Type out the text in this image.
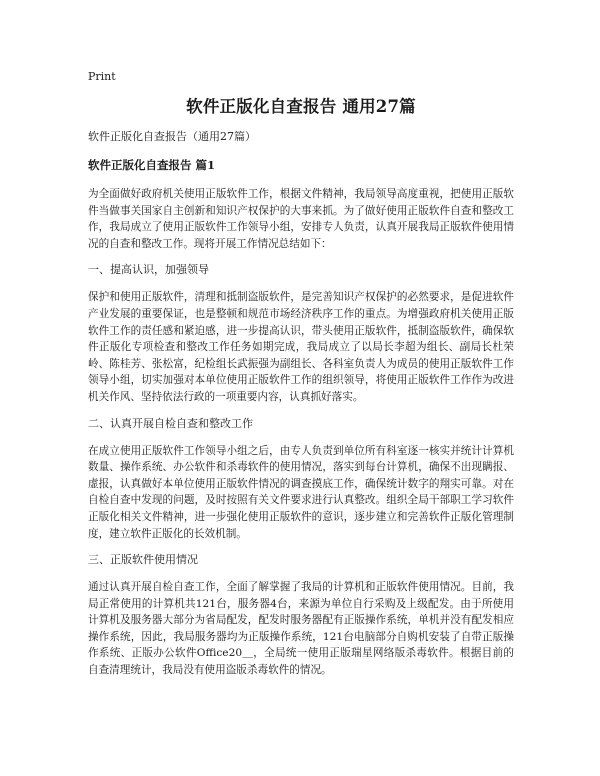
Print
软件正版化自查报告 通用27篇
软件正版化自查报告（通用27篇）
软件正版化自查报告 篇1

为全面做好政府机关使用正版软件工作，根据文件精神，我局领导高度重视，把使用正版软件当做事关国家自主创新和知识产权保护的大事来抓。为了做好使用正版软件自查和整改工作，我局成立了使用正版软件工作领导小组，安排专人负责，认真开展我局正版软件使用情况的自查和整改工作。现将开展工作情况总结如下：

一、提高认识，加强领导

保护和使用正版软件，清理和抵制盗版软件，是完善知识产权保护的必然要求，是促进软件产业发展的重要保证，也是整顿和规范市场经济秩序工作的重点。为增强政府机关使用正版软件工作的责任感和紧迫感，进一步提高认识，带头使用正版软件，抵制盗版软件，确保软件正版化专项检查和整改工作任务如期完成，我局成立了以局长李超为组长、副局长杜荣岭、陈桂芳、张松富，纪检组长武振强为副组长、各科室负责人为成员的使用正版软件工作领导小组，切实加强对本单位使用正版软件工作的组织领导，将使用正版软件工作作为改进机关作风、坚持依法行政的一项重要内容，认真抓好落实。

二、认真开展自检自查和整改工作

在成立使用正版软件工作领导小组之后，由专人负责到单位所有科室逐一核实并统计计算机数量、操作系统、办公软件和杀毒软件的使用情况，落实到每台计算机，确保不出现瞒报、虚报，认真做好本单位使用正版软件情况的调查摸底工作，确保统计数字的翔实可靠。对在自检自查中发现的问题，及时按照有关文件要求进行认真整改。组织全局干部职工学习软件正版化相关文件精神，进一步强化使用正版软件的意识，逐步建立和完善软件正版化管理制度，建立软件正版化的长效机制。

三、正版软件使用情况

通过认真开展自检自查工作，全面了解掌握了我局的计算机和正版软件使用情况。目前，我局正常使用的计算机共121台，服务器4台，来源为单位自行采购及上级配发。由于所使用计算机及服务器大部分为省局配发，配发时服务器配有正版操作系统，单机并没有配发相应操作系统，因此，我局服务器均为正版操作系统，121台电脑部分自购机安装了自带正版操作系统、正版办公软件Office20＿，全局统一使用正版瑞星网络版杀毒软件。根据目前的自查清理统计，我局没有使用盗版杀毒软件的情况。
